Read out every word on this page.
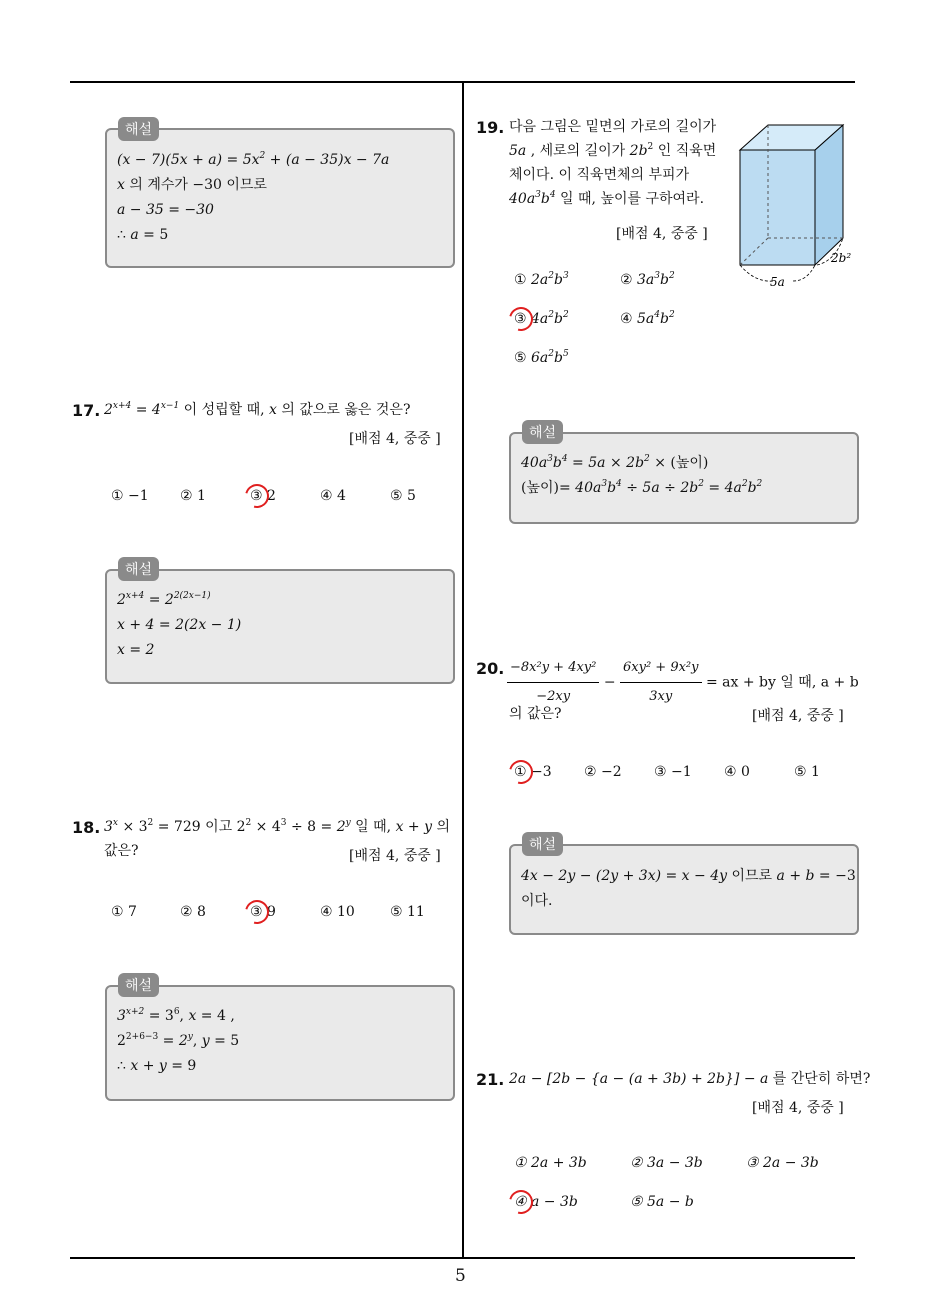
5
해설
$(x - 7)(5x + a) = 5x^2 + (a - 35)x - 7a$
x 의 계수가 −30 이므로
a − 35 = −30
∴ a = 5
17. $2^{x+4} = 4^{x-1}$ 이 성립할 때, x 의 값으로 옳은 것은?
[배점 4, 중중 ]
① −1 ② 1	③ 2	④ 4	⑤ 5
해설
$2^{x+4} = 2^{2(2x-1)}$
x + 4 = 2(2x − 1)
x = 2
18. $3^x \times 3^2 = 729$ 이고 $2^2 \times 4^3 \div 8 = 2^y$ 일 때, x + y 의
값은?	[배점 4, 중중 ]
① 7	② 8	③ 9	④ 10	⑤ 11
해설
$3^{x+2} = 3^6$, x = 4 ,
$2^{2+6-3} = 2^y$, y = 5
∴ x + y = 9
19. 다음 그림은 밑면의 가로의 길이가 5a , 세로의 길이가 $2b^2$ 인 직육면체이다. 이 직육면체의 부피가 $40a^3b^4$ 일 때, 높이를 구하여라.
[배점 4, 중중 ]
5a
2b²
① $2a^2b^3$	② $3a^3b^2$
③ $4a^2b^2$	④ $5a^4b^2$
⑤ $6a^2b^5$
해설
$40a^3b^4 = 5a \times 2b^2$ × (높이)
(높이)= $40a^3b^4 \div 5a \div 2b^2 = 4a^2b^2$
20. $\frac{\text{−8x²y + 4xy²}}{-2xy} - \frac{\text{6xy² + 9x²y}}{3xy}$ = ax + by 일 때, a + b
의 값은?	[배점 4, 중중 ]
① −3 ② −2 ③ −1 ④ 0	⑤ 1
해설
4x − 2y − (2y + 3x) = x − 4y 이므로 a + b = −3
이다.
21. 2a − [2b − {a − (a + 3b) + 2b}] − a 를 간단히 하면?
[배점 4, 중중 ]
① 2a + 3b	② 3a − 3b	③ 2a − 3b
④ a − 3b	⑤ 5a − b
